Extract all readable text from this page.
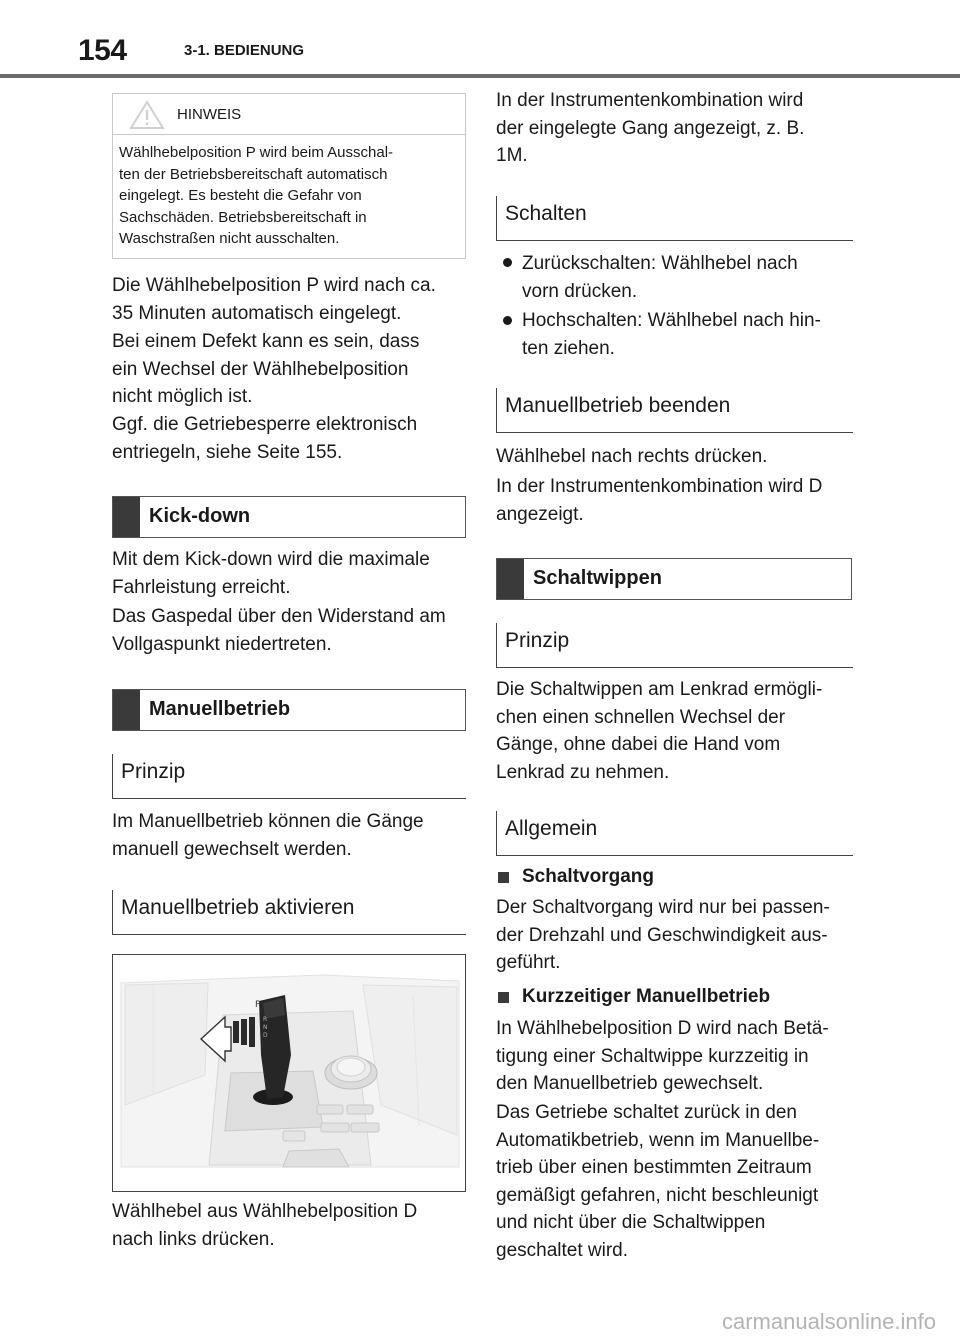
154	3-1. BEDIENUNG
HINWEIS
Wählhebelposition P wird beim Ausschal-
ten der Betriebsbereitschaft automatisch
eingelegt. Es besteht die Gefahr von
Sachschäden. Betriebsbereitschaft in
Waschstraßen nicht ausschalten.

Die Wählhebelposition P wird nach ca.
35 Minuten automatisch eingelegt.

Bei einem Defekt kann es sein, dass
ein Wechsel der Wählhebelposition
nicht möglich ist.

Ggf. die Getriebesperre elektronisch
entriegeln, siehe Seite 155.

Kick-down

Mit dem Kick-down wird die maximale
Fahrleistung erreicht.

Das Gaspedal über den Widerstand am
Vollgaspunkt niedertreten.

Manuellbetrieb
Prinzip

Im Manuellbetrieb können die Gänge
manuell gewechselt werden.

Manuellbetrieb aktivieren
P
R
N
D

Wählhebel aus Wählhebelposition D
nach links drücken.

In der Instrumentenkombination wird
der eingelegte Gang angezeigt, z. B.
1M.

Schalten

Zurückschalten: Wählhebel nach
vorn drücken.

Hochschalten: Wählhebel nach hin-
ten ziehen.

Manuellbetrieb beenden

Wählhebel nach rechts drücken.

In der Instrumentenkombination wird D
angezeigt.

Schaltwippen
Prinzip

Die Schaltwippen am Lenkrad ermögli-
chen einen schnellen Wechsel der
Gänge, ohne dabei die Hand vom
Lenkrad zu nehmen.

Allgemein
Schaltvorgang

Der Schaltvorgang wird nur bei passen-
der Drehzahl und Geschwindigkeit aus-
geführt.

Kurzzeitiger Manuellbetrieb

In Wählhebelposition D wird nach Betä-
tigung einer Schaltwippe kurzzeitig in
den Manuellbetrieb gewechselt.

Das Getriebe schaltet zurück in den
Automatikbetrieb, wenn im Manuellbe-
trieb über einen bestimmten Zeitraum
gemäßigt gefahren, nicht beschleunigt
und nicht über die Schaltwippen
geschaltet wird.

carmanualsonline.info
